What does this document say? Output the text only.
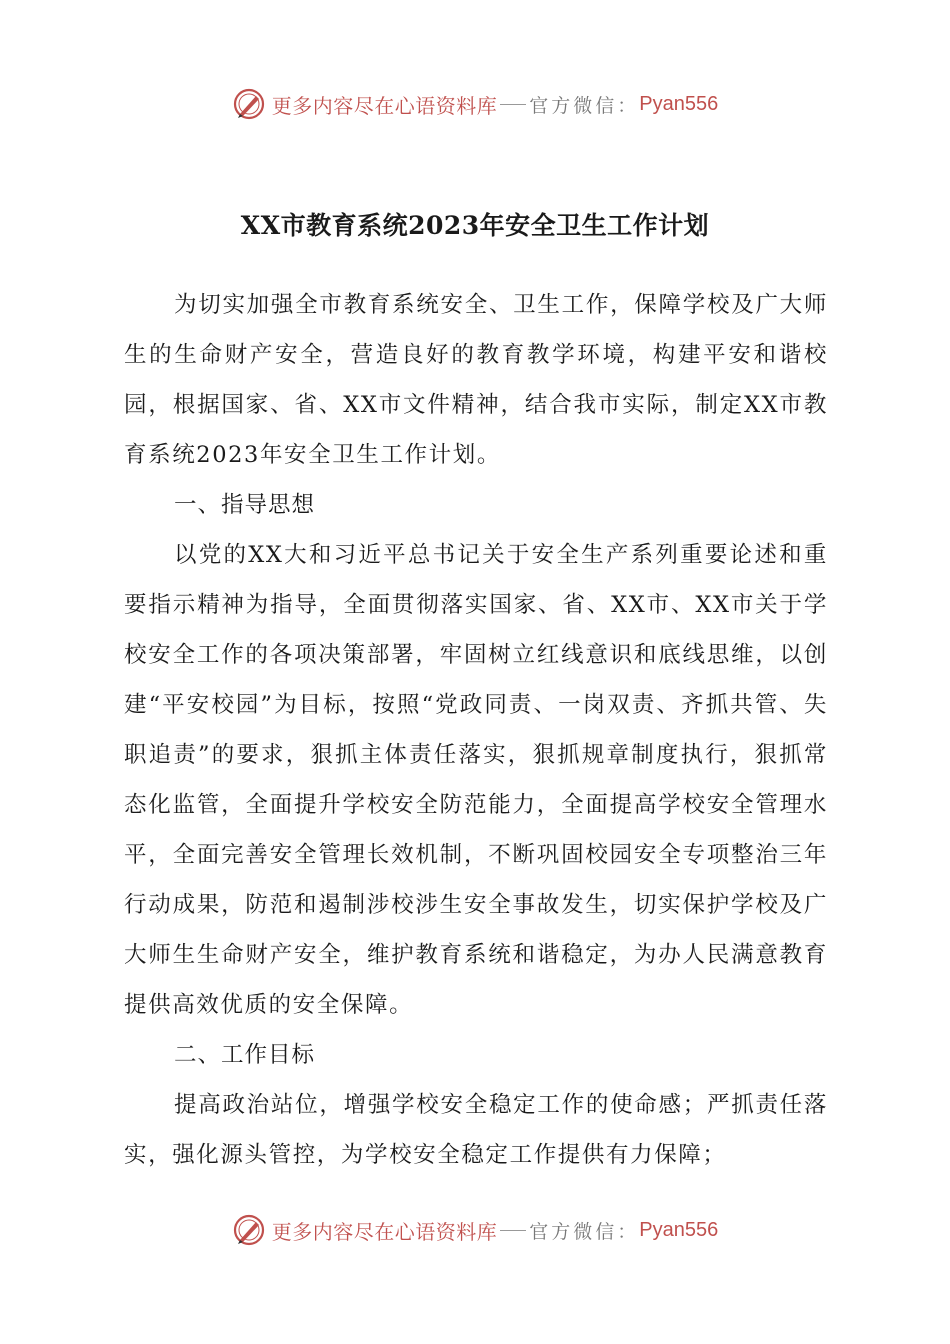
更多内容尽在心语资料库 官方微信： Pyan556
XX市教育系统2023年安全卫生工作计划

为切实加强全市教育系统安全、卫生工作，保障学校及广大师生的生命财产安全，营造良好的教育教学环境，构建平安和谐校园，根据国家、省、XX市文件精神，结合我市实际，制定XX市教育系统2023年安全卫生工作计划。

一、指导思想

以党的XX大和习近平总书记关于安全生产系列重要论述和重要指示精神为指导，全面贯彻落实国家、省、XX市、XX市关于学校安全工作的各项决策部署，牢固树立红线意识和底线思维，以创建“平安校园”为目标，按照“党政同责、一岗双责、齐抓共管、失职追责”的要求，狠抓主体责任落实，狠抓规章制度执行，狠抓常态化监管，全面提升学校安全防范能力，全面提高学校安全管理水平，全面完善安全管理长效机制，不断巩固校园安全专项整治三年行动成果，防范和遏制涉校涉生安全事故发生，切实保护学校及广大师生生命财产安全，维护教育系统和谐稳定，为办人民满意教育提供高效优质的安全保障。

二、工作目标

提高政治站位，增强学校安全稳定工作的使命感；严抓责任落实，强化源头管控，为学校安全稳定工作提供有力保障；

更多内容尽在心语资料库 官方微信： Pyan556
